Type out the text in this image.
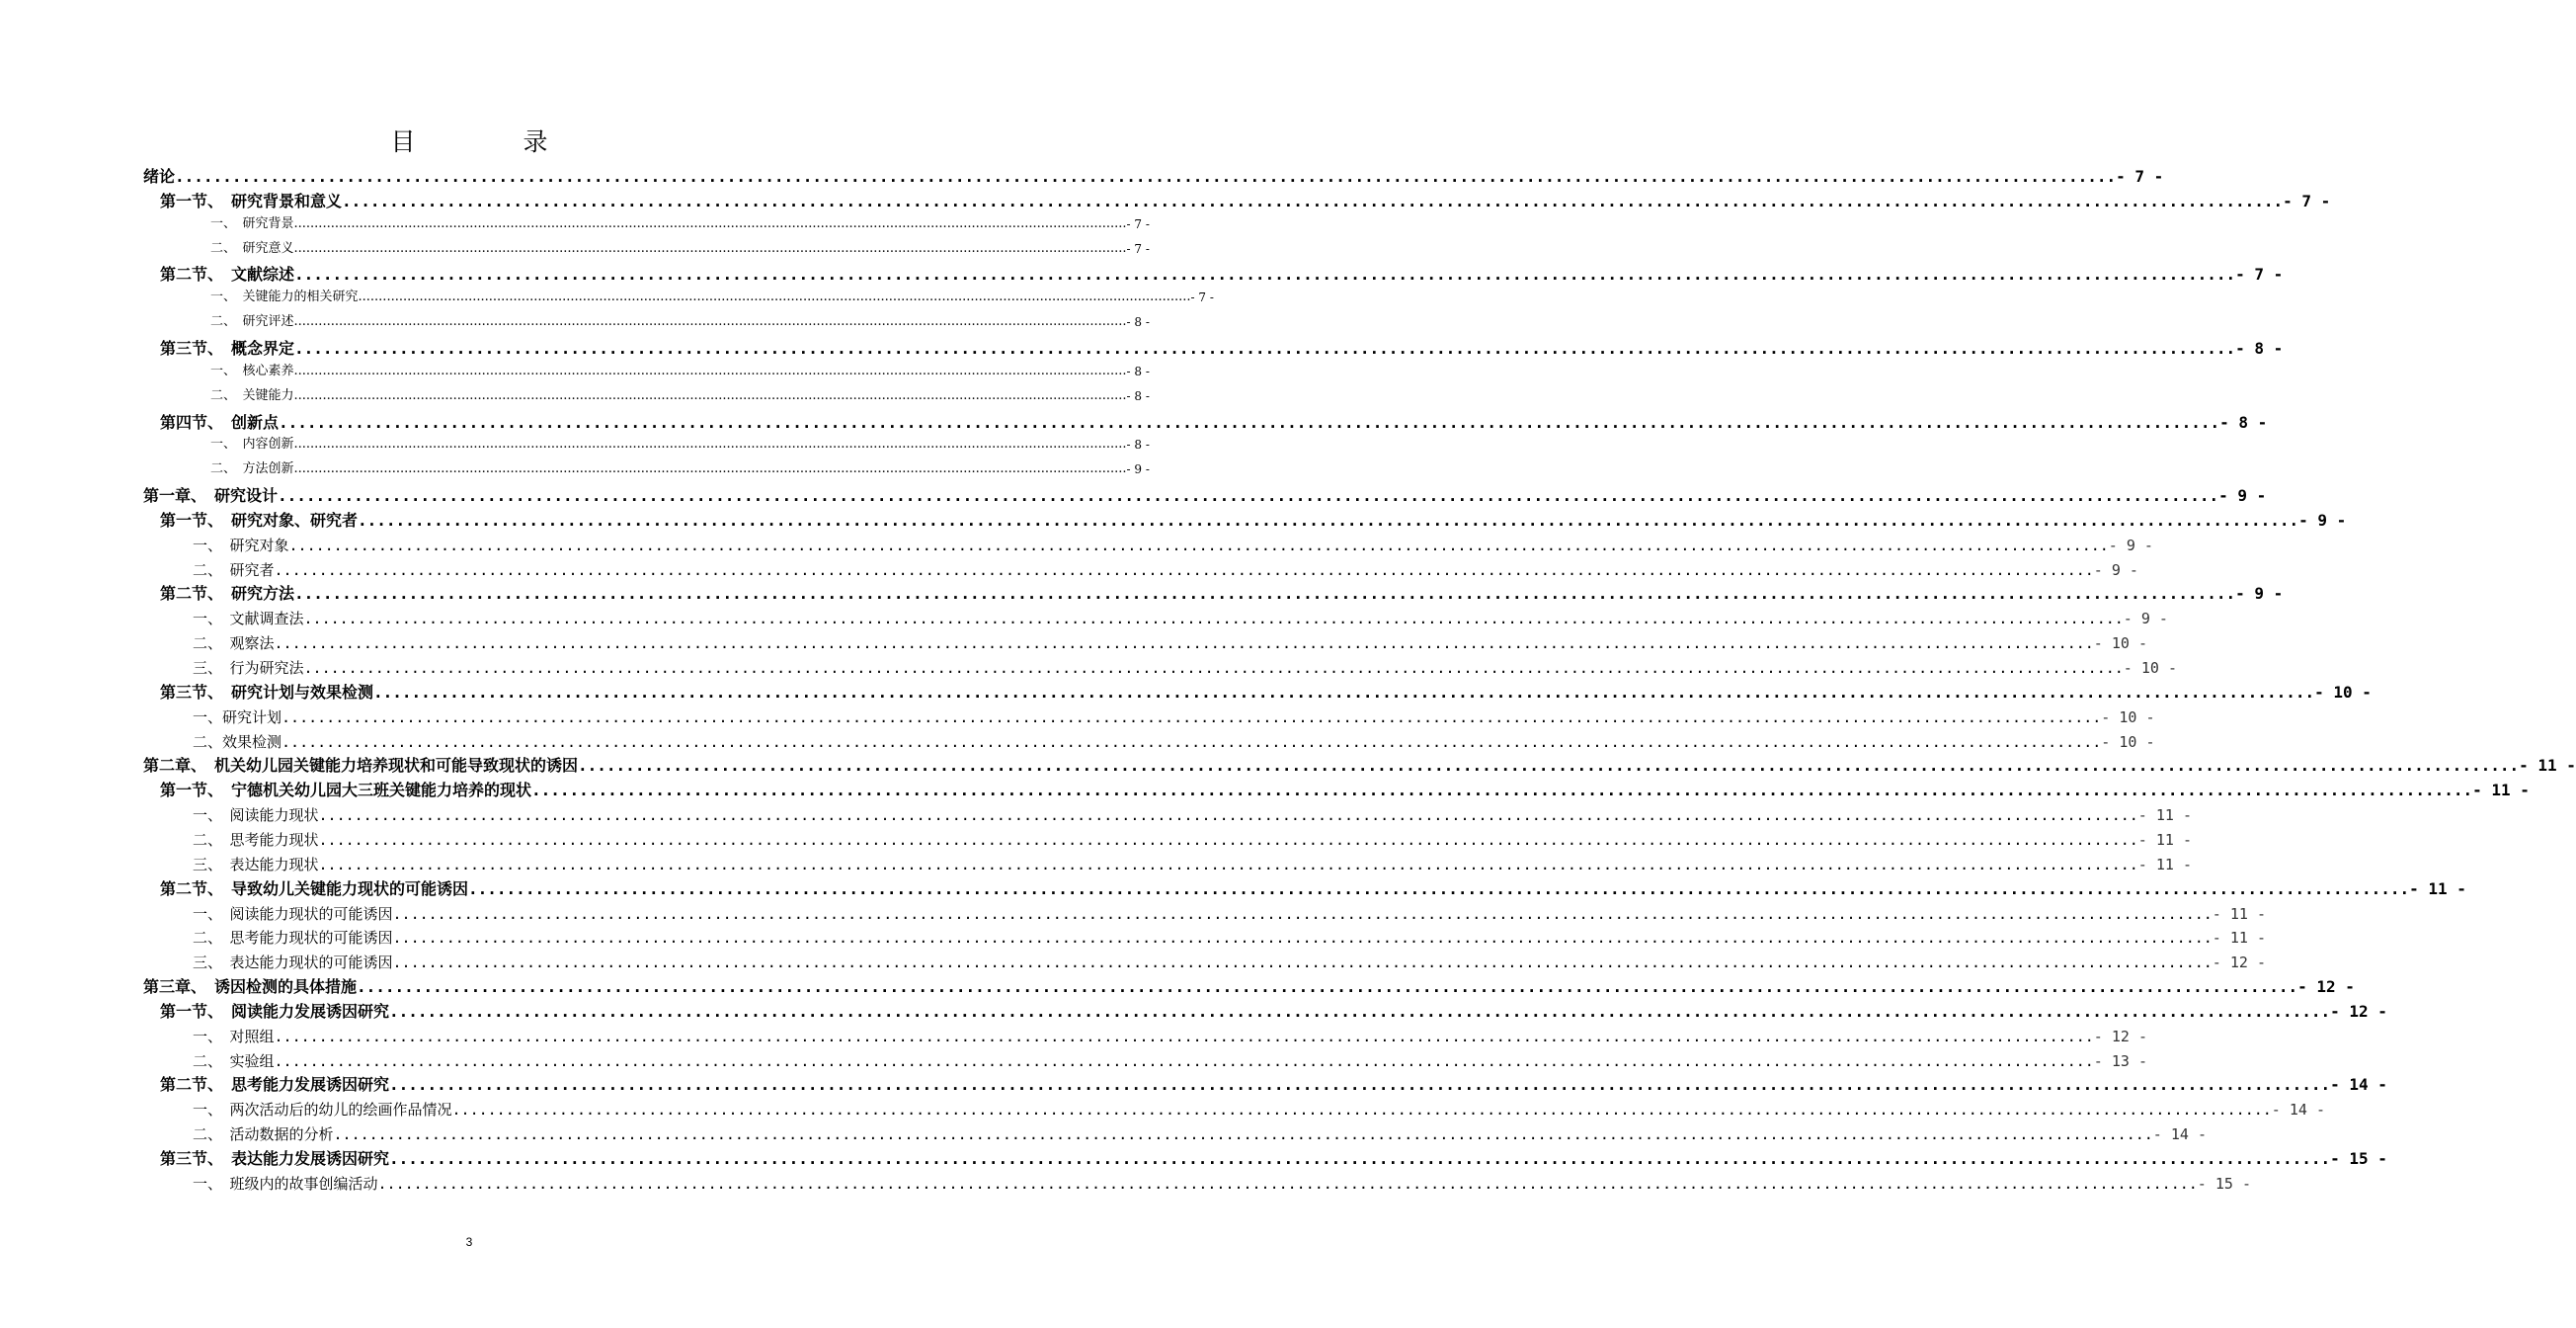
目　录
绪论 ............................................................................................................................................................................................................ - 7 -
第一节、　研究背景和意义 ............................................................................................................................................................................................................ - 7 -
一、　研究背景 ............................................................................................................................................................................................................ - 7 -
二、　研究意义 ............................................................................................................................................................................................................ - 7 -
第二节、　文献综述 ............................................................................................................................................................................................................ - 7 -
一、　关键能力的相关研究 ............................................................................................................................................................................................................ - 7 -
二、　研究评述 ............................................................................................................................................................................................................ - 8 -
第三节、　概念界定 ............................................................................................................................................................................................................ - 8 -
一、　核心素养 ............................................................................................................................................................................................................ - 8 -
二、　关键能力 ............................................................................................................................................................................................................ - 8 -
第四节、　创新点 ............................................................................................................................................................................................................ - 8 -
一、　内容创新 ............................................................................................................................................................................................................ - 8 -
二、　方法创新 ............................................................................................................................................................................................................ - 9 -
第一章、　研究设计 ............................................................................................................................................................................................................ - 9 -
第一节、　研究对象、研究者 ............................................................................................................................................................................................................ - 9 -
一、　研究对象 ............................................................................................................................................................................................................ - 9 -
二、　研究者 ............................................................................................................................................................................................................ - 9 -
第二节、　研究方法 ............................................................................................................................................................................................................ - 9 -
一、　文献调查法 ............................................................................................................................................................................................................ - 9 -
二、　观察法 ............................................................................................................................................................................................................ - 10 -
三、　行为研究法 ............................................................................................................................................................................................................ - 10 -
第三节、　研究计划与效果检测 ............................................................................................................................................................................................................ - 10 -
一、研究计划 ............................................................................................................................................................................................................ - 10 -
二、效果检测 ............................................................................................................................................................................................................ - 10 -
第二章、　机关幼儿园关键能力培养现状和可能导致现状的诱因 ............................................................................................................................................................................................................ - 11 -
第一节、　宁德机关幼儿园大三班关键能力培养的现状 ............................................................................................................................................................................................................ - 11 -
一、　阅读能力现状 ............................................................................................................................................................................................................ - 11 -
二、　思考能力现状 ............................................................................................................................................................................................................ - 11 -
三、　表达能力现状 ............................................................................................................................................................................................................ - 11 -
第二节、　导致幼儿关键能力现状的可能诱因 ............................................................................................................................................................................................................ - 11 -
一、　阅读能力现状的可能诱因 ............................................................................................................................................................................................................ - 11 -
二、　思考能力现状的可能诱因 ............................................................................................................................................................................................................ - 11 -
三、　表达能力现状的可能诱因 ............................................................................................................................................................................................................ - 12 -
第三章、　诱因检测的具体措施 ............................................................................................................................................................................................................ - 12 -
第一节、　阅读能力发展诱因研究 ............................................................................................................................................................................................................ - 12 -
一、　对照组 ............................................................................................................................................................................................................ - 12 -
二、　实验组 ............................................................................................................................................................................................................ - 13 -
第二节、　思考能力发展诱因研究 ............................................................................................................................................................................................................ - 14 -
一、　两次活动后的幼儿的绘画作品情况 ............................................................................................................................................................................................................ - 14 -
二、　活动数据的分析 ............................................................................................................................................................................................................ - 14 -
第三节、　表达能力发展诱因研究 ............................................................................................................................................................................................................ - 15 -
一、　班级内的故事创编活动 ............................................................................................................................................................................................................ - 15 -
3
